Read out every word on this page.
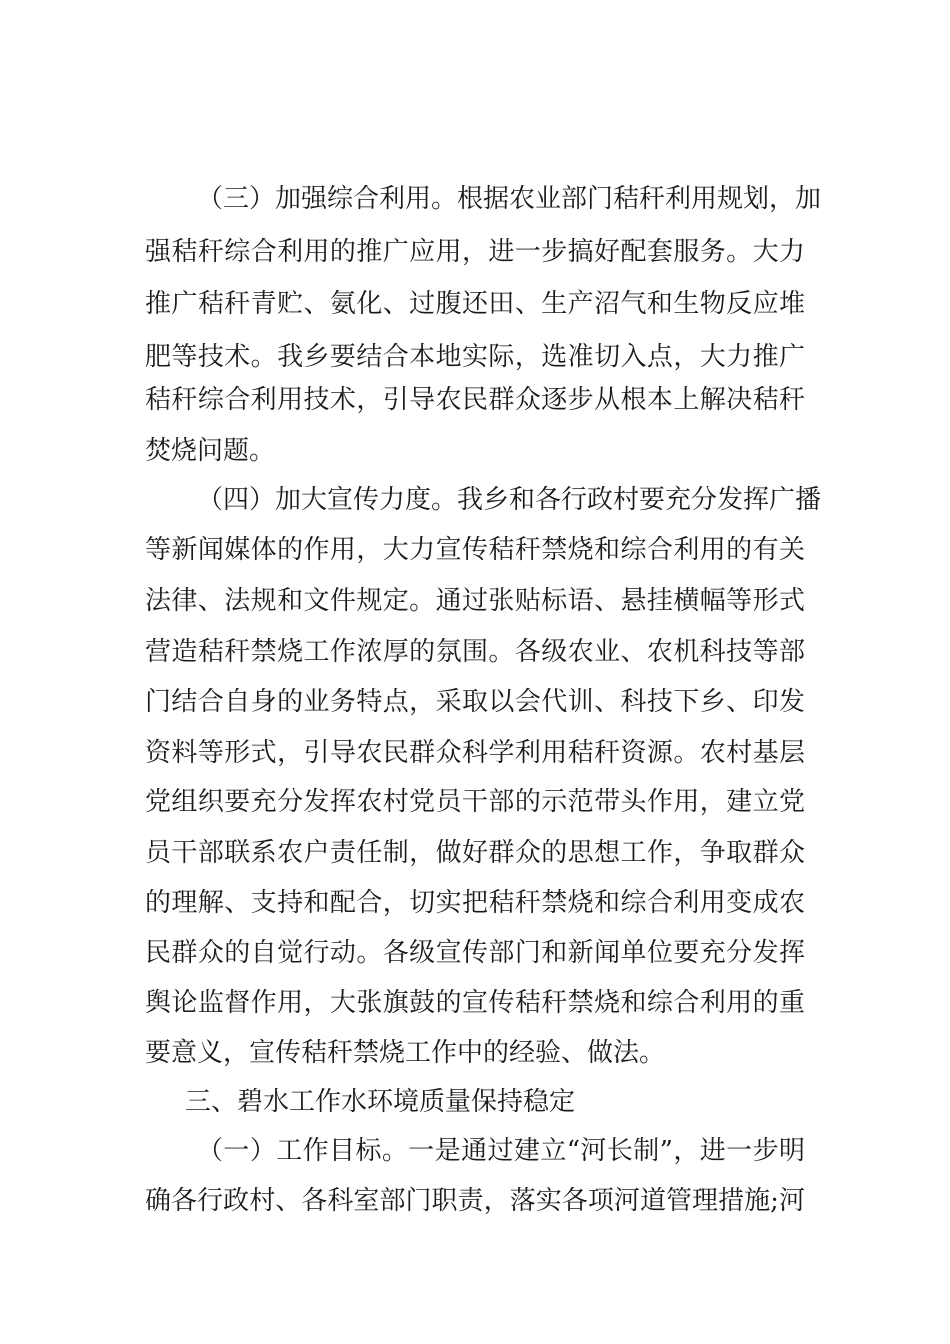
（三）加强综合利用。根据农业部门秸秆利用规划，加
强秸秆综合利用的推广应用，进一步搞好配套服务。大力
推广秸秆青贮、氨化、过腹还田、生产沼气和生物反应堆
肥等技术。我乡要结合本地实际，选准切入点，大力推广
秸秆综合利用技术，引导农民群众逐步从根本上解决秸秆
焚烧问题。
（四）加大宣传力度。我乡和各行政村要充分发挥广播
等新闻媒体的作用，大力宣传秸秆禁烧和综合利用的有关
法律、法规和文件规定。通过张贴标语、悬挂横幅等形式
营造秸秆禁烧工作浓厚的氛围。各级农业、农机科技等部
门结合自身的业务特点，采取以会代训、科技下乡、印发
资料等形式，引导农民群众科学利用秸秆资源。农村基层
党组织要充分发挥农村党员干部的示范带头作用，建立党
员干部联系农户责任制，做好群众的思想工作，争取群众
的理解、支持和配合，切实把秸秆禁烧和综合利用变成农
民群众的自觉行动。各级宣传部门和新闻单位要充分发挥
舆论监督作用，大张旗鼓的宣传秸秆禁烧和综合利用的重
要意义，宣传秸秆禁烧工作中的经验、做法。
三、碧水工作水环境质量保持稳定
（一）工作目标。一是通过建立“河长制”，进一步明
确各行政村、各科室部门职责，落实各项河道管理措施;河
